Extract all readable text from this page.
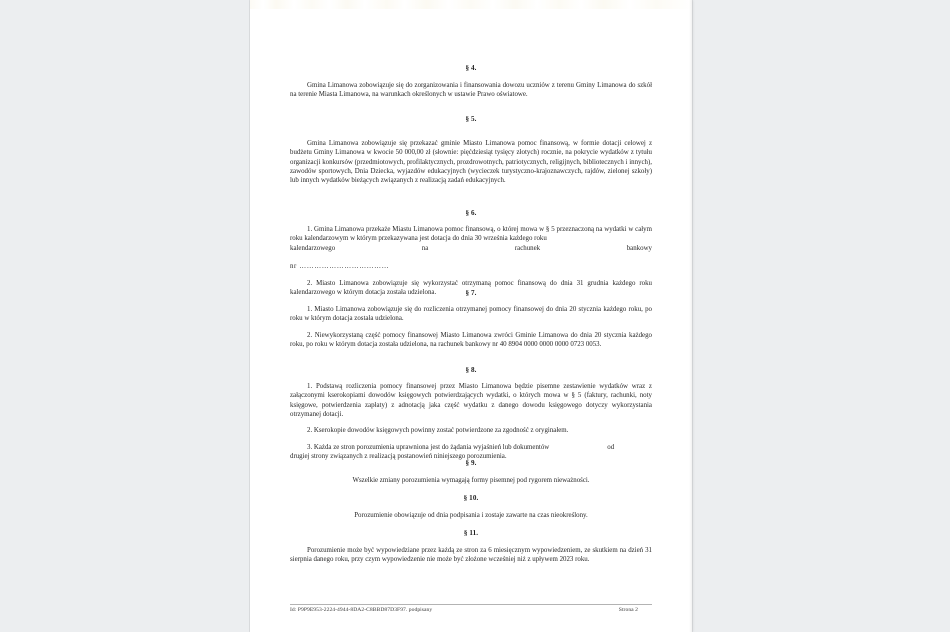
§ 4.

Gmina Limanowa zobowiązuje się do zorganizowania i finansowania dowozu uczniów z terenu Gminy Limanowa do szkół na terenie Miasta Limanowa, na warunkach określonych w ustawie Prawo oświatowe.

§ 5.

Gmina Limanowa zobowiązuje się przekazać gminie Miasto Limanowa pomoc finansową, w formie dotacji celowej z budżetu Gminy Limanowa w kwocie 50 000,00 zł (słownie: pięćdziesiąt tysięcy złotych) rocznie, na pokrycie wydatków z tytułu organizacji konkursów (przedmiotowych, profilaktycznych, prozdrowotnych, patriotycznych, religijnych, bibliotecznych i innych), zawodów sportowych, Dnia Dziecka, wyjazdów edukacyjnych (wycieczek turystyczno-krajoznawczych, rajdów, zielonej szkoły) lub innych wydatków bieżących związanych z realizacją zadań edukacyjnych.

§ 6.

1. Gmina Limanowa przekaże Miastu Limanowa pomoc finansową, o której mowa w § 5 przeznaczoną na wydatki w całym roku kalendarzowym w którym przekazywana jest dotacja do dnia 30 września każdego roku

kalendarzowego na rachunek bankowy

nr ………………………………

2. Miasto Limanowa zobowiązuje się wykorzystać otrzymaną pomoc finansową do dnia 31 grudnia każdego roku kalendarzowego w którym dotacja została udzielona.	§ 7.

1. Miasto Limanowa zobowiązuje się do rozliczenia otrzymanej pomocy finansowej do dnia 20 stycznia każdego roku, po roku w którym dotacja została udzielona.

2. Niewykorzystaną część pomocy finansowej Miasto Limanowa zwróci Gminie Limanowa do dnia 20 stycznia każdego roku, po roku w którym dotacja została udzielona, na rachunek bankowy nr 40 8904 0000 0000 0000 0723 0053.

§ 8.

1. Podstawą rozliczenia pomocy finansowej przez Miasto Limanowa będzie pisemne zestawienie wydatków wraz z załączonymi kserokopiami dowodów księgowych potwierdzających wydatki, o których mowa w § 5 (faktury, rachunki, noty księgowe, potwierdzenia zapłaty) z adnotacją jaka część wydatku z danego dowodu księgowego dotyczy wykorzystania otrzymanej dotacji.

2. Kserokopie dowodów księgowych powinny zostać potwierdzone za zgodność z oryginałem.

3. Każda ze stron porozumienia uprawniona jest do żądania wyjaśnień lub dokumentów	od

drugiej strony związanych z realizacją postanowień niniejszego porozumienia.

§ 9.

Wszelkie zmiany porozumienia wymagają formy pisemnej pod rygorem nieważności.

§ 10.

Porozumienie obowiązuje od dnia podpisania i zostaje zawarte na czas nieokreślony.

§ 11.

Porozumienie może być wypowiedziane przez każdą ze stron za 6 miesięcznym wypowiedzeniem, ze skutkiem na dzień 31 sierpnia danego roku, przy czym wypowiedzenie nie może być złożone wcześniej niż z upływem 2023 roku.

Id: P9P9E953-2224-4944-8DA2-C8BBD87D3F97. podpisany	Strona 2
